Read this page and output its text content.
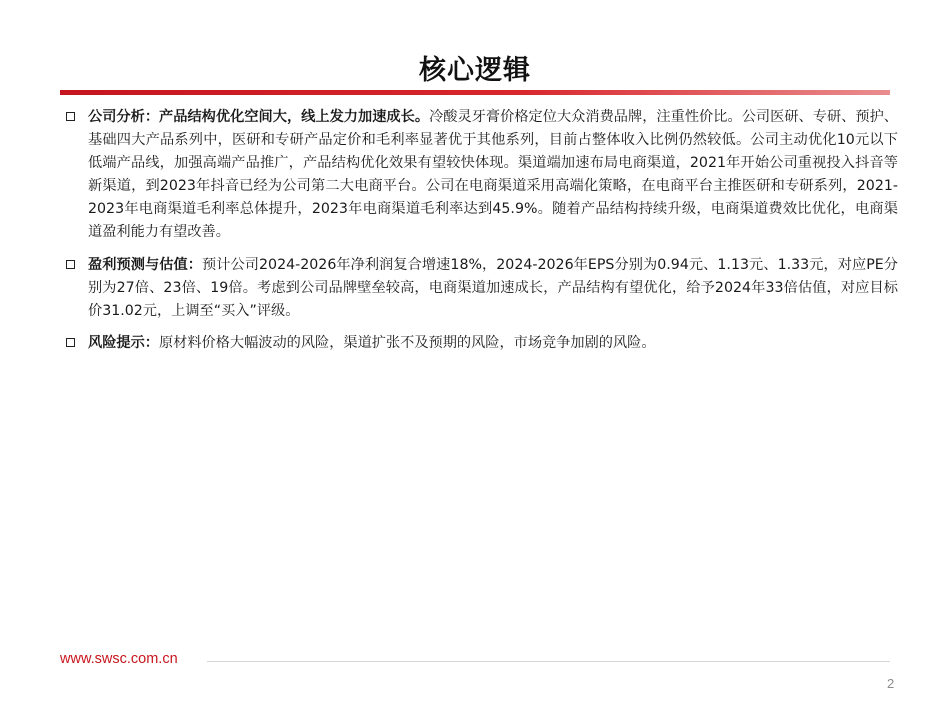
核心逻辑
公司分析：产品结构优化空间大，线上发力加速成长。冷酸灵牙膏价格定位大众消费品牌，注重性价比。公司医研、专研、预护、基础四大产品系列中，医研和专研产品定价和毛利率显著优于其他系列，目前占整体收入比例仍然较低。公司主动优化10元以下低端产品线，加强高端产品推广，产品结构优化效果有望较快体现。渠道端加速布局电商渠道，2021年开始公司重视投入抖音等新渠道，到2023年抖音已经为公司第二大电商平台。公司在电商渠道采用高端化策略，在电商平台主推医研和专研系列，2021-2023年电商渠道毛利率总体提升，2023年电商渠道毛利率达到45.9%。随着产品结构持续升级，电商渠道费效比优化，电商渠道盈利能力有望改善。
盈利预测与估值：预计公司2024-2026年净利润复合增速18%，2024-2026年EPS分别为0.94元、1.13元、1.33元，对应PE分别为27倍、23倍、19倍。考虑到公司品牌壁垒较高，电商渠道加速成长，产品结构有望优化，给予2024年33倍估值，对应目标价31.02元，上调至“买入”评级。
风险提示：原材料价格大幅波动的风险，渠道扩张不及预期的风险，市场竞争加剧的风险。
www.swsc.com.cn
2
